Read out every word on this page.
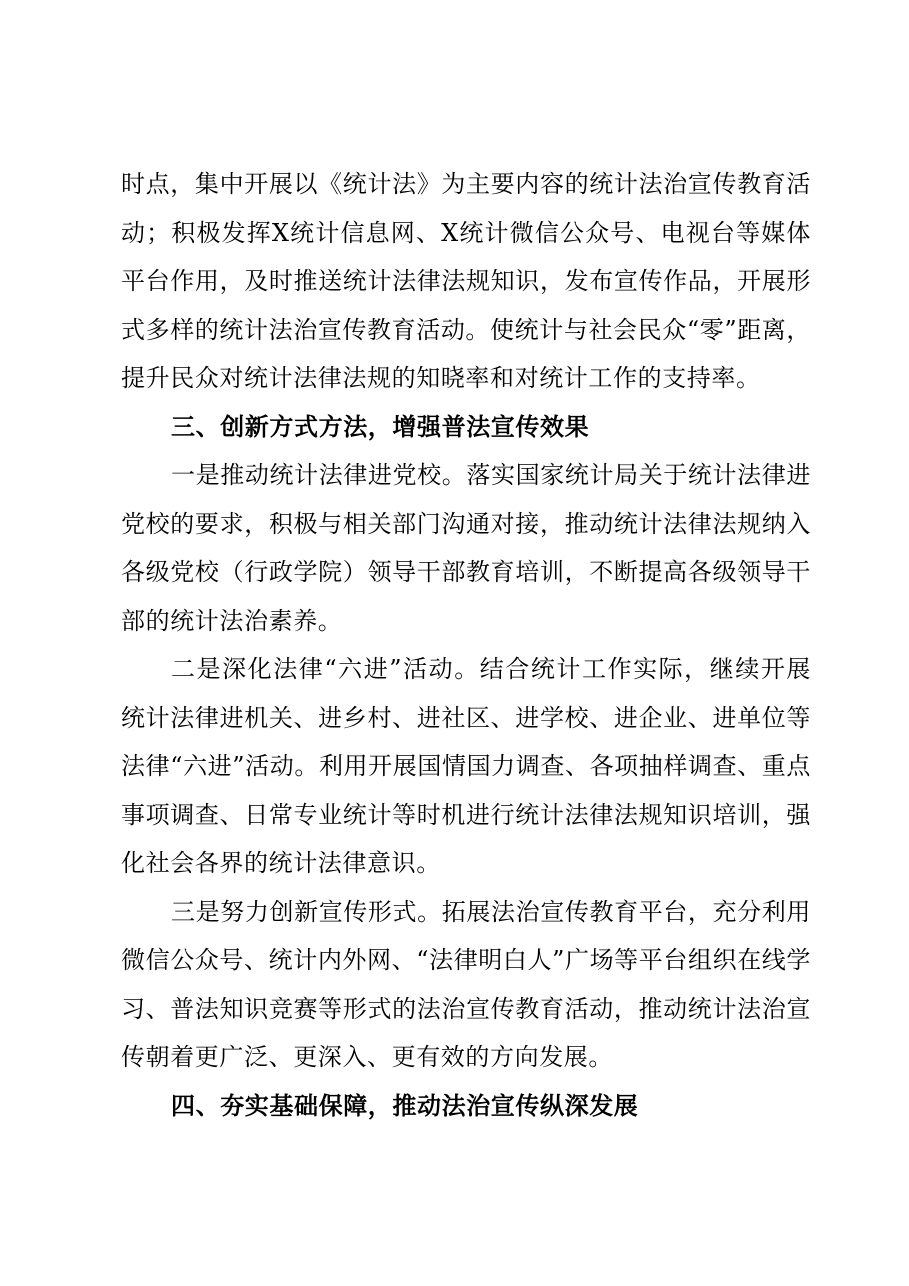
时点，集中开展以《统计法》为主要内容的统计法治宣传教育活动；积极发挥X统计信息网、X统计微信公众号、电视台等媒体平台作用，及时推送统计法律法规知识，发布宣传作品，开展形式多样的统计法治宣传教育活动。使统计与社会民众“零”距离，提升民众对统计法律法规的知晓率和对统计工作的支持率。

三、创新方式方法，增强普法宣传效果

一是推动统计法律进党校。落实国家统计局关于统计法律进党校的要求，积极与相关部门沟通对接，推动统计法律法规纳入各级党校（行政学院）领导干部教育培训，不断提高各级领导干部的统计法治素养。

二是深化法律“六进”活动。结合统计工作实际，继续开展统计法律进机关、进乡村、进社区、进学校、进企业、进单位等法律“六进”活动。利用开展国情国力调查、各项抽样调查、重点事项调查、日常专业统计等时机进行统计法律法规知识培训，强化社会各界的统计法律意识。

三是努力创新宣传形式。拓展法治宣传教育平台，充分利用微信公众号、统计内外网、“法律明白人”广场等平台组织在线学习、普法知识竞赛等形式的法治宣传教育活动，推动统计法治宣传朝着更广泛、更深入、更有效的方向发展。

四、夯实基础保障，推动法治宣传纵深发展
